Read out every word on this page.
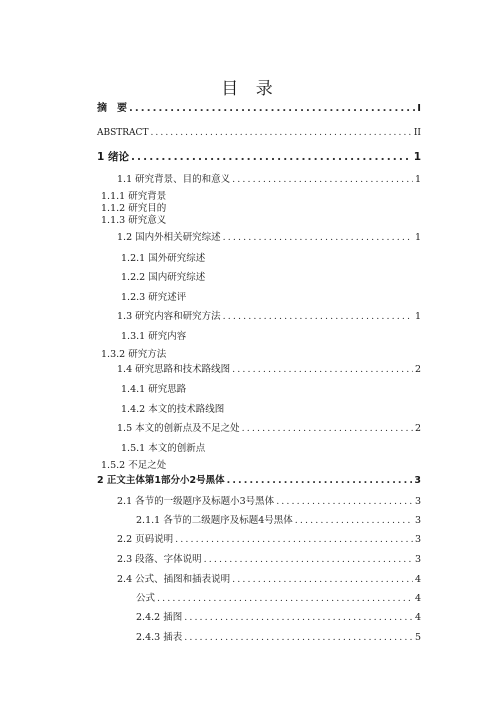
目 录
摘　要 .....	I
ABSTRACT .....	II
1 绪论 .....	1
1.1 研究背景、目的和意义 .....	1
1.1.1 研究背景
1.1.2 研究目的
1.1.3 研究意义
1.2 国内外相关研究综述 .....	1
1.2.1 国外研究综述
1.2.2 国内研究综述
1.2.3 研究述评
1.3 研究内容和研究方法 .....	1
1.3.1 研究内容
1.3.2 研究方法
1.4 研究思路和技术路线图 .....	2
1.4.1 研究思路
1.4.2 本文的技术路线图
1.5 本文的创新点及不足之处 .....	2
1.5.1 本文的创新点
1.5.2 不足之处
2 正文主体第1部分小2号黑体 .....	3
2.1 各节的一级题序及标题小3号黑体 .....	3
2.1.1 各节的二级题序及标题4号黑体 .....	3
2.2 页码说明 .....	3
2.3 段落、字体说明 .....	3
2.4 公式、插图和插表说明 .....	4
公式 .....	4
2.4.2 插图 .....	4
2.4.3 插表 .....	5
